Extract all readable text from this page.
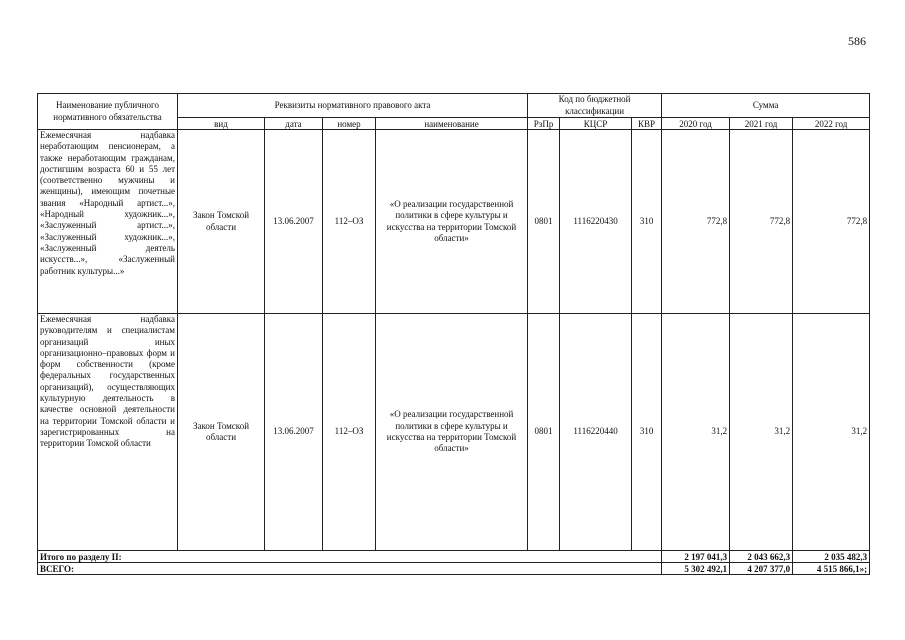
586
Наименование публичного нормативного обязательства	Реквизиты нормативного правового акта				Код по бюджетной классификации			Сумма		
	вид	дата	номер	наименование	РзПр	КЦСР	КВР	2020 год	2021 год	2022 год
Ежемесячная надбавка неработающим пенсионерам, а также неработающим гражданам, достигшим возраста 60 и 55 лет (соответственно мужчины и женщины), имеющим почетные звания «Народный артист...», «Народный художник...», «Заслуженный артист...», «Заслуженный художник...», «Заслуженный деятель искусств...», «Заслуженный работник культуры...»	Закон Томской области	13.06.2007	112–ОЗ	«О реализации государственной политики в сфере культуры и искусства на территории Томской области»	0801	1116220430	310	772,8	772,8	772,8
Ежемесячная надбавка руководителям и специалистам организаций иных организационно–правовых форм и форм собственности (кроме федеральных государственных организаций), осуществляющих культурную деятельность в качестве основной деятельности на территории Томской области и зарегистрированных на территории Томской области	Закон Томской области	13.06.2007	112–ОЗ	«О реализации государственной политики в сфере культуры и искусства на территории Томской области»	0801	1116220440	310	31,2	31,2	31,2
Итого по разделу II:								2 197 041,3	2 043 662,3	2 035 482,3
ВСЕГО:								5 302 492,1	4 207 377,0	4 515 866,1»;
